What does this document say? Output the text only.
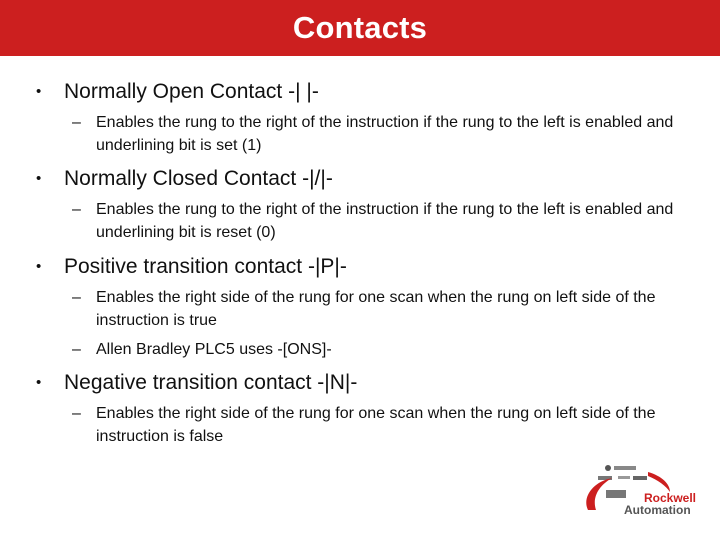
Contacts
• Normally Open Contact -| |-
– Enables the rung to the right of the instruction if the rung to the left is enabled and underlining bit is set (1)
• Normally Closed Contact -|/|-
– Enables the rung to the right of the instruction if the rung to the left is enabled and underlining bit is reset (0)
• Positive transition contact -|P|-
– Enables the right side of the rung for one scan when the rung on left side of the instruction is true
– Allen Bradley PLC5 uses -[ONS]-
• Negative transition contact -|N|-
– Enables the right side of the rung for one scan when the rung on left side of the instruction is false
Rockwell
Automation
